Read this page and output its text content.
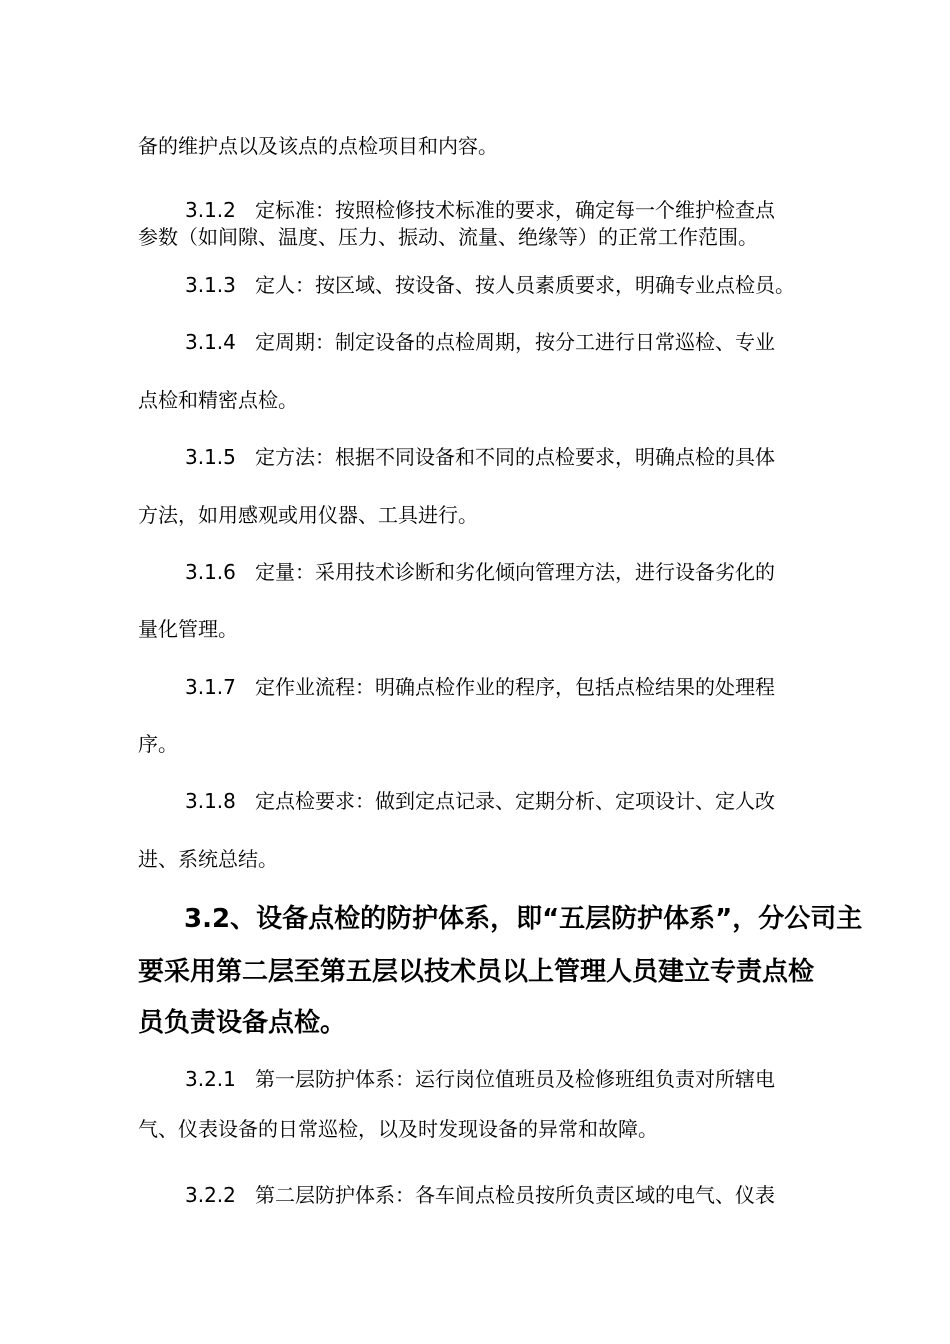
备的维护点以及该点的点检项目和内容。
3.1.2 定标准：按照检修技术标准的要求，确定每一个维护检查点
参数（如间隙、温度、压力、振动、流量、绝缘等）的正常工作范围。
3.1.3 定人：按区域、按设备、按人员素质要求，明确专业点检员。
3.1.4 定周期：制定设备的点检周期，按分工进行日常巡检、专业
点检和精密点检。
3.1.5 定方法：根据不同设备和不同的点检要求，明确点检的具体
方法，如用感观或用仪器、工具进行。
3.1.6 定量：采用技术诊断和劣化倾向管理方法，进行设备劣化的
量化管理。
3.1.7 定作业流程：明确点检作业的程序，包括点检结果的处理程
序。
3.1.8 定点检要求：做到定点记录、定期分析、定项设计、定人改
进、系统总结。
3.2、设备点检的防护体系，即“五层防护体系”，分公司主
要采用第二层至第五层以技术员以上管理人员建立专责点检
员负责设备点检。
3.2.1 第一层防护体系：运行岗位值班员及检修班组负责对所辖电
气、仪表设备的日常巡检，以及时发现设备的异常和故障。
3.2.2 第二层防护体系：各车间点检员按所负责区域的电气、仪表
